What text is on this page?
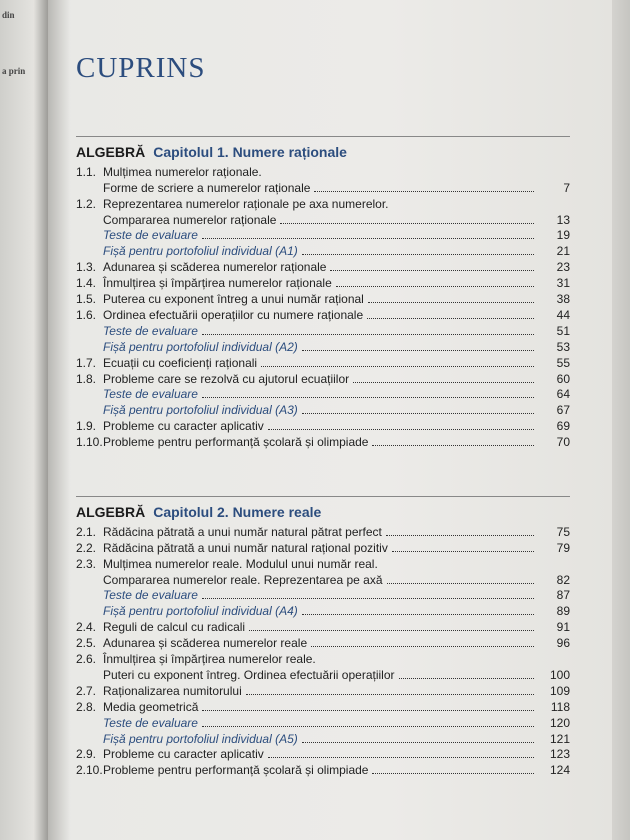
din
a prin CUPRINS
ALGEBRĂ Capitolul 1. Numere raționale
1.1. Mulțimea numerelor raționale.
Forme de scriere a numerelor raționale	7
1.2. Reprezentarea numerelor raționale pe axa numerelor.
Compararea numerelor raționale	13
Teste de evaluare	19
Fișă pentru portofoliul individual (A1)	21
1.3. Adunarea și scăderea numerelor raționale	23
1.4. Înmulțirea și împărțirea numerelor raționale	31
1.5. Puterea cu exponent întreg a unui număr rațional	38
1.6. Ordinea efectuării operațiilor cu numere raționale	44
Teste de evaluare	51
Fișă pentru portofoliul individual (A2)	53
1.7. Ecuații cu coeficienți raționali	55
1.8. Probleme care se rezolvă cu ajutorul ecuațiilor	60
Teste de evaluare	64
Fișă pentru portofoliul individual (A3)	67
1.9. Probleme cu caracter aplicativ	69
1.10. Probleme pentru performanță școlară și olimpiade	70
ALGEBRĂ Capitolul 2. Numere reale
2.1. Rădăcina pătrată a unui număr natural pătrat perfect	75
2.2. Rădăcina pătrată a unui număr natural rațional pozitiv	79
2.3. Mulțimea numerelor reale. Modulul unui număr real.
Compararea numerelor reale. Reprezentarea pe axă	82
Teste de evaluare	87
Fișă pentru portofoliul individual (A4)	89
2.4. Reguli de calcul cu radicali	91
2.5. Adunarea și scăderea numerelor reale	96
2.6. Înmulțirea și împărțirea numerelor reale.
Puteri cu exponent întreg. Ordinea efectuării operațiilor	100
2.7. Raționalizarea numitorului	109
2.8. Media geometrică	118
Teste de evaluare	120
Fișă pentru portofoliul individual (A5)	121
2.9. Probleme cu caracter aplicativ	123
2.10. Probleme pentru performanță școlară și olimpiade	124
